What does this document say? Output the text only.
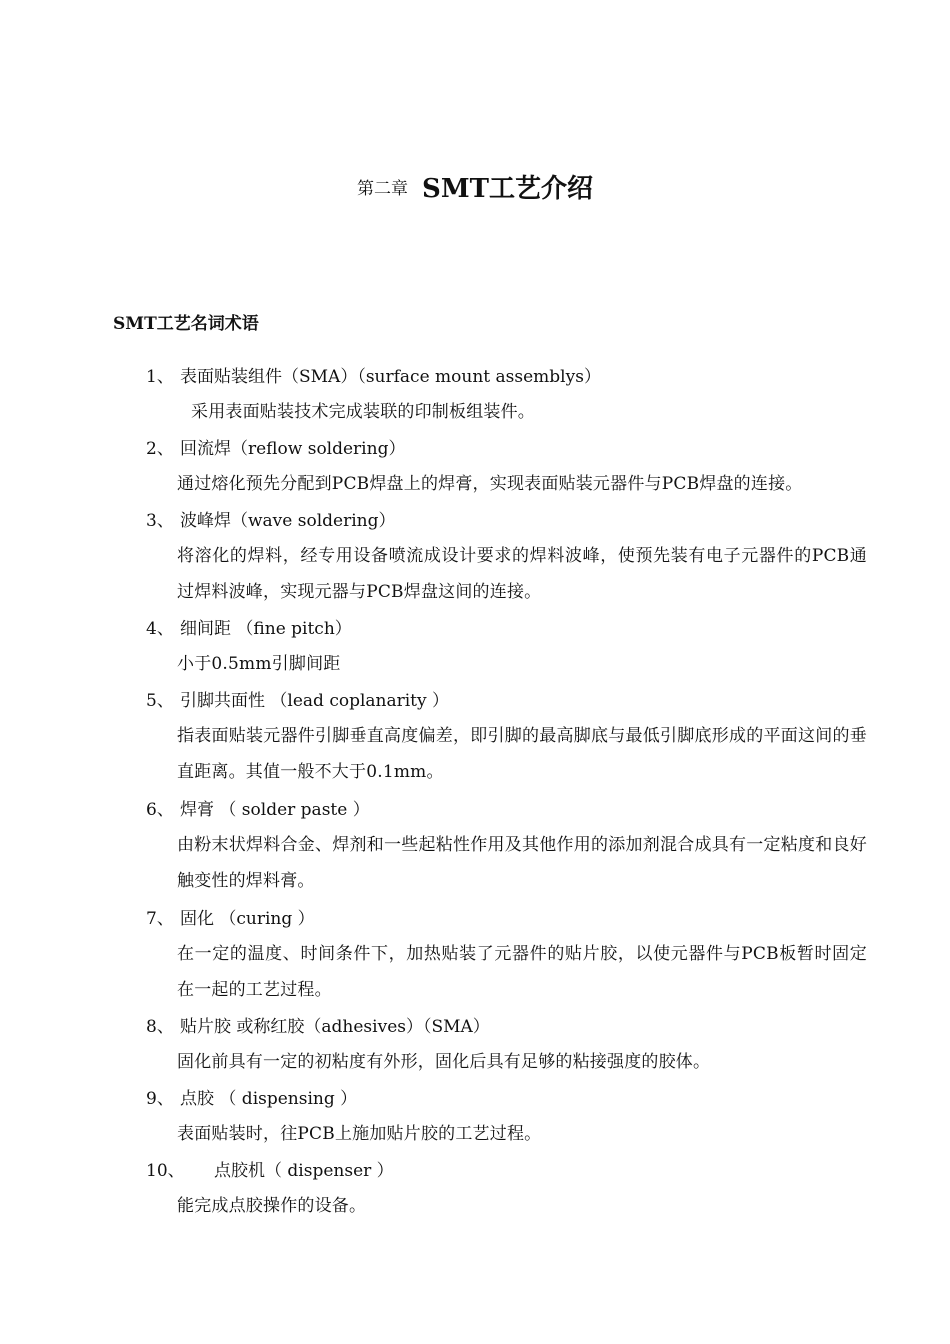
第二章 SMT工艺介绍
SMT工艺名词术语
1、 表面贴装组件（SMA）（surface mount assemblys）
采用表面贴装技术完成装联的印制板组装件。
2、 回流焊（reflow soldering）
通过熔化预先分配到PCB焊盘上的焊膏，实现表面贴装元器件与PCB焊盘的连接。
3、 波峰焊（wave soldering）
将溶化的焊料，经专用设备喷流成设计要求的焊料波峰，使预先装有电子元器件的PCB通过焊料波峰，实现元器与PCB焊盘这间的连接。
4、 细间距 （fine pitch）
小于0.5mm引脚间距
5、 引脚共面性 （lead coplanarity ）
指表面贴装元器件引脚垂直高度偏差，即引脚的最高脚底与最低引脚底形成的平面这间的垂直距离。其值一般不大于0.1mm。
6、 焊膏 （ solder paste ）
由粉末状焊料合金、焊剂和一些起粘性作用及其他作用的添加剂混合成具有一定粘度和良好触变性的焊料膏。
7、 固化 （curing ）
在一定的温度、时间条件下，加热贴装了元器件的贴片胶，以使元器件与PCB板暂时固定在一起的工艺过程。
8、 贴片胶 或称红胶（adhesives）（SMA）
固化前具有一定的初粘度有外形，固化后具有足够的粘接强度的胶体。
9、 点胶 （ dispensing ）
表面贴装时，往PCB上施加贴片胶的工艺过程。
10、 点胶机（ dispenser ）
能完成点胶操作的设备。
